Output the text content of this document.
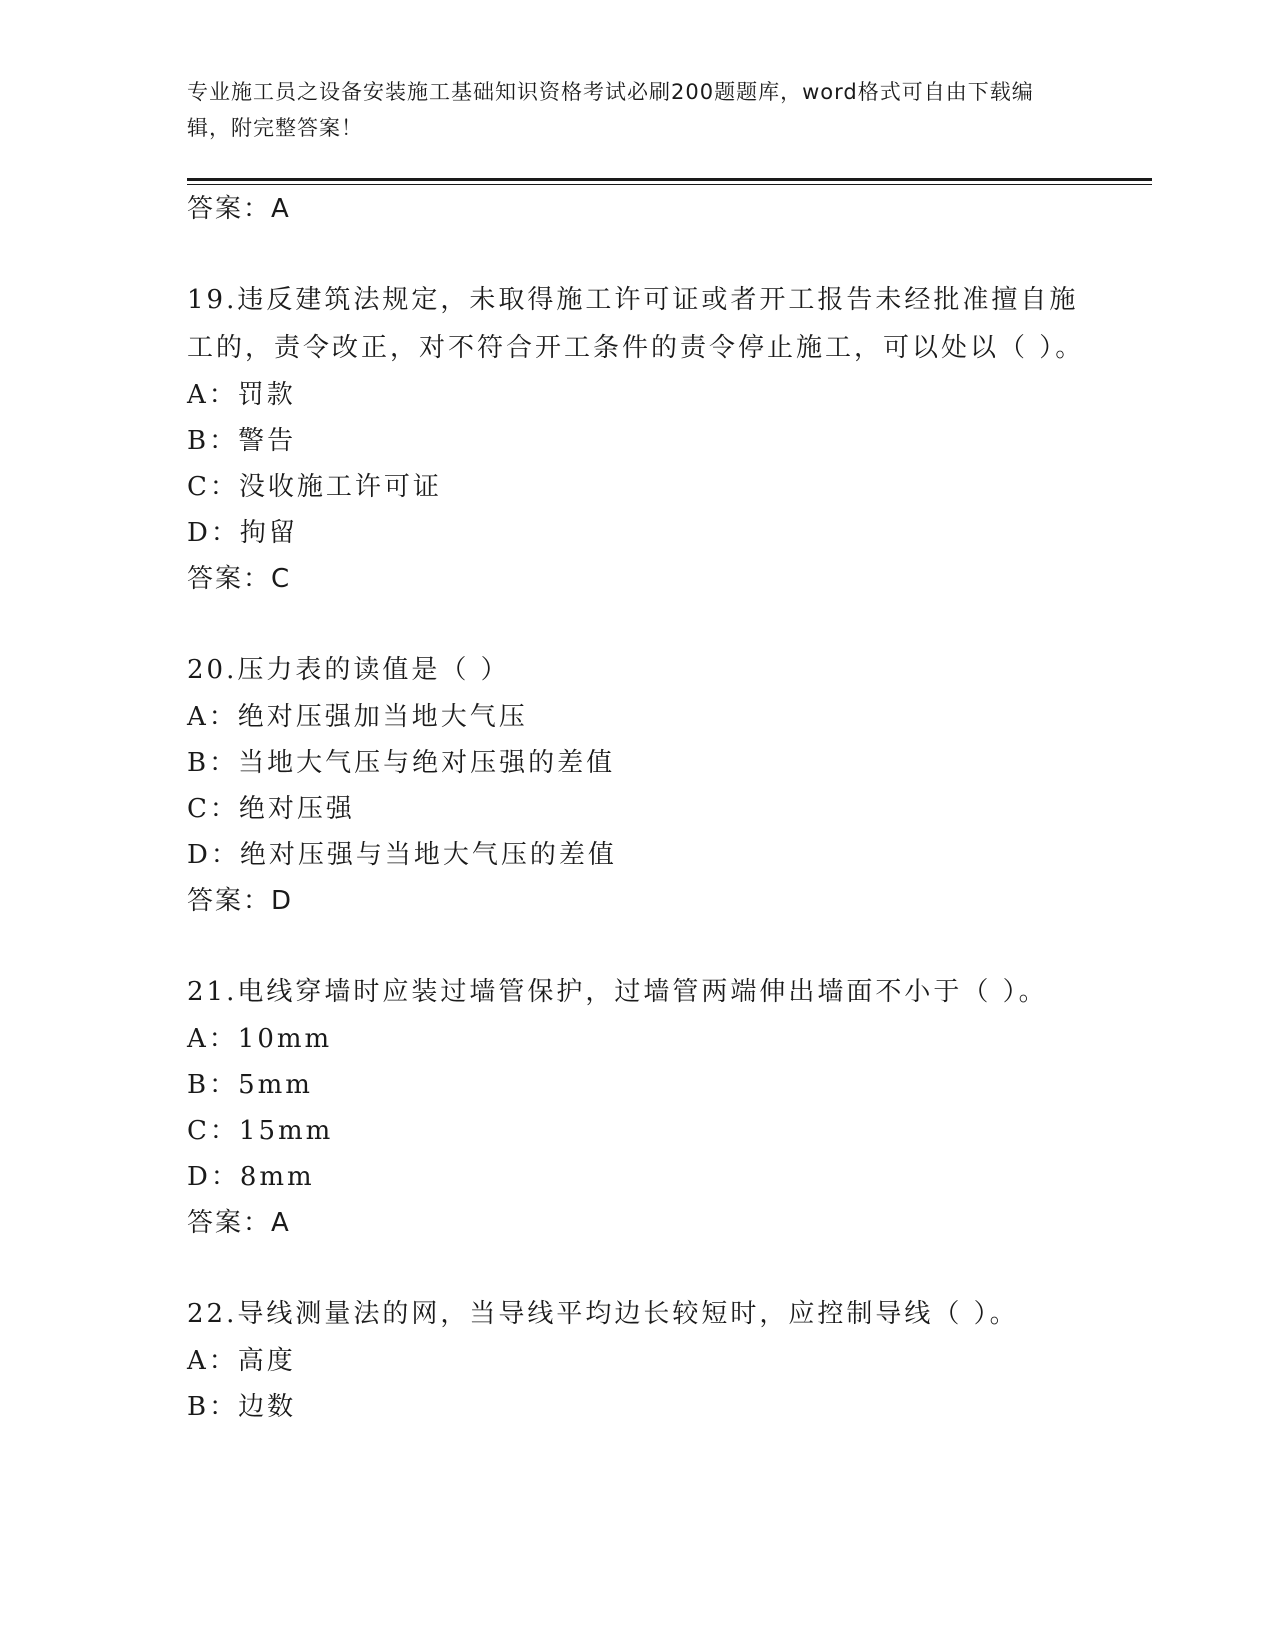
专业施工员之设备安装施工基础知识资格考试必刷200题题库，word格式可自由下载编辑，附完整答案！
答案：A
19.违反建筑法规定，未取得施工许可证或者开工报告未经批准擅自施工的，责令改正，对不符合开工条件的责令停止施工，可以处以（ ）。
A：罚款
B：警告
C：没收施工许可证
D：拘留
答案：C
20.压力表的读值是（ ）
A：绝对压强加当地大气压
B：当地大气压与绝对压强的差值
C：绝对压强
D：绝对压强与当地大气压的差值
答案：D
21.电线穿墙时应装过墙管保护，过墙管两端伸出墙面不小于（ ）。
A：10mm
B：5mm
C：15mm
D：8mm
答案：A
22.导线测量法的网，当导线平均边长较短时，应控制导线（ ）。
A：高度
B：边数
